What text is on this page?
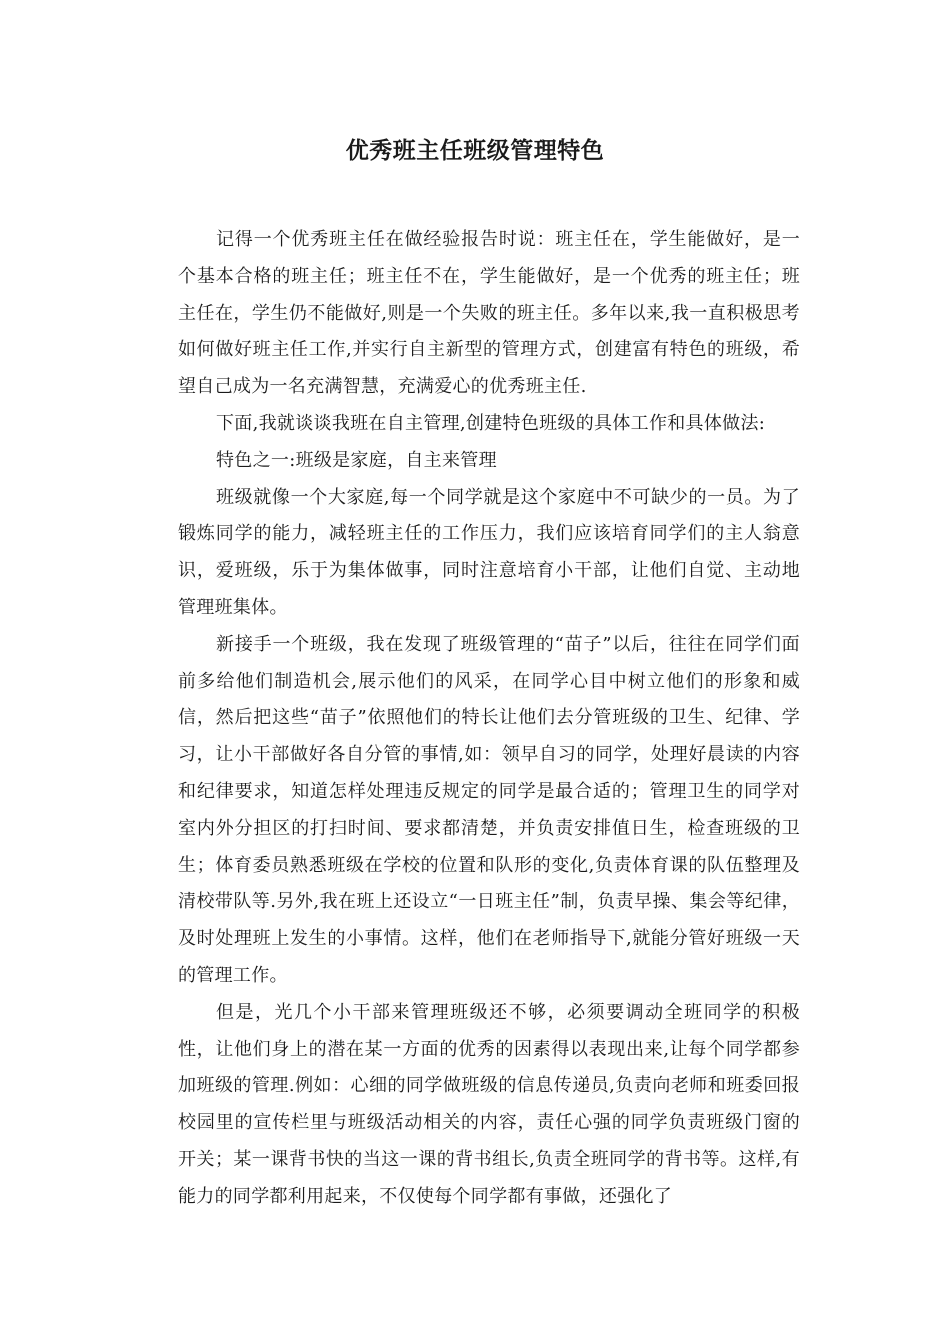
优秀班主任班级管理特色

记得一个优秀班主任在做经验报告时说：班主任在，学生能做好，是一个基本合格的班主任；班主任不在，学生能做好，是一个优秀的班主任；班主任在，学生仍不能做好,则是一个失败的班主任。多年以来,我一直积极思考如何做好班主任工作,并实行自主新型的管理方式，创建富有特色的班级，希望自己成为一名充满智慧，充满爱心的优秀班主任.

下面,我就谈谈我班在自主管理,创建特色班级的具体工作和具体做法:

特色之一:班级是家庭，自主来管理

班级就像一个大家庭,每一个同学就是这个家庭中不可缺少的一员。为了锻炼同学的能力，减轻班主任的工作压力，我们应该培育同学们的主人翁意识，爱班级，乐于为集体做事，同时注意培育小干部，让他们自觉、主动地管理班集体。

新接手一个班级，我在发现了班级管理的“苗子”以后，往往在同学们面前多给他们制造机会,展示他们的风采，在同学心目中树立他们的形象和威信，然后把这些“苗子”依照他们的特长让他们去分管班级的卫生、纪律、学习，让小干部做好各自分管的事情,如：领早自习的同学，处理好晨读的内容和纪律要求，知道怎样处理违反规定的同学是最合适的；管理卫生的同学对室内外分担区的打扫时间、要求都清楚，并负责安排值日生，检查班级的卫生；体育委员熟悉班级在学校的位置和队形的变化,负责体育课的队伍整理及清校带队等.另外,我在班上还设立“一日班主任”制，负责早操、集会等纪律，及时处理班上发生的小事情。这样，他们在老师指导下,就能分管好班级一天的管理工作。

但是，光几个小干部来管理班级还不够，必须要调动全班同学的积极性，让他们身上的潜在某一方面的优秀的因素得以表现出来,让每个同学都参加班级的管理.例如：心细的同学做班级的信息传递员,负责向老师和班委回报校园里的宣传栏里与班级活动相关的内容，责任心强的同学负责班级门窗的开关；某一课背书快的当这一课的背书组长,负责全班同学的背书等。这样,有能力的同学都利用起来，不仅使每个同学都有事做，还强化了
